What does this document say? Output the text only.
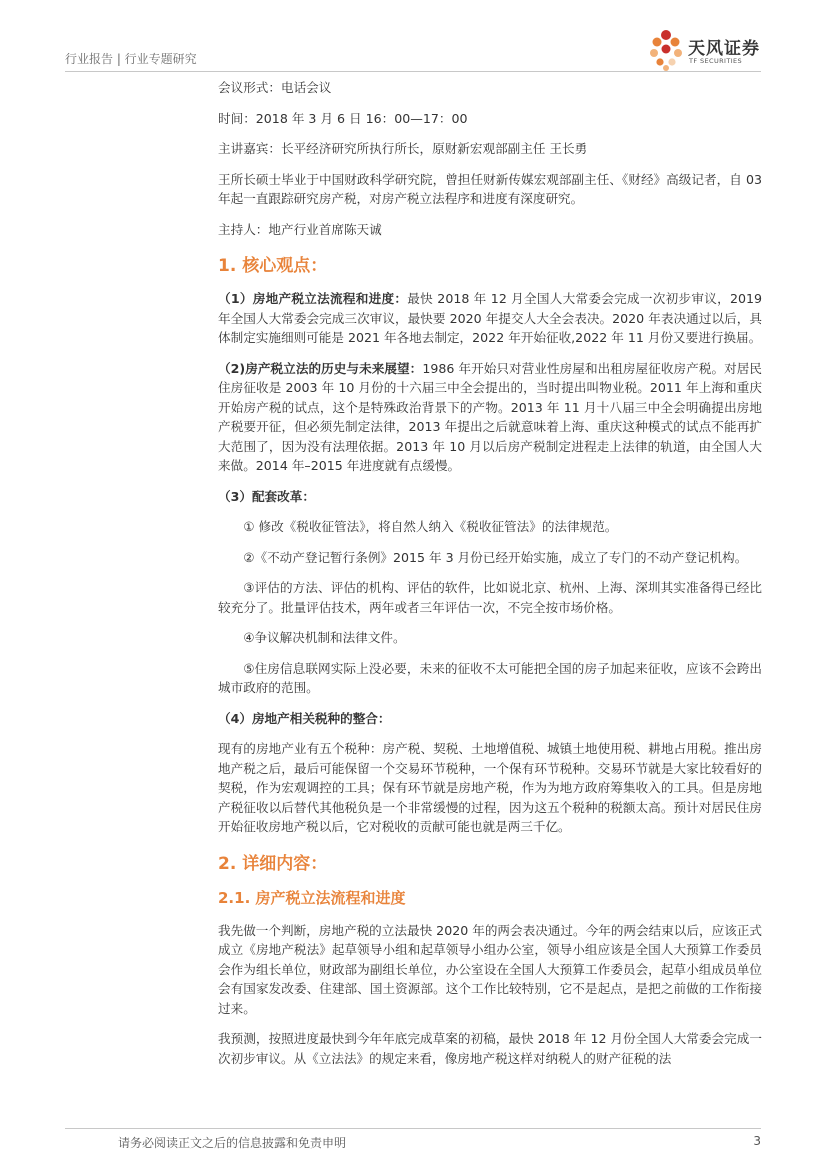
行业报告 | 行业专题研究	天风证券
TF SECURITIES

会议形式：电话会议

时间：2018 年 3 月 6 日 16：00—17：00

主讲嘉宾：长平经济研究所执行所长，原财新宏观部副主任 王长勇

王所长硕士毕业于中国财政科学研究院，曾担任财新传媒宏观部副主任、《财经》高级记者，自 03 年起一直跟踪研究房产税，对房产税立法程序和进度有深度研究。

主持人：地产行业首席陈天诚

1. 核心观点：

（1）房地产税立法流程和进度：最快 2018 年 12 月全国人大常委会完成一次初步审议，2019 年全国人大常委会完成三次审议，最快要 2020 年提交人大全会表决。2020 年表决通过以后，具体制定实施细则可能是 2021 年各地去制定，2022 年开始征收,2022 年 11 月份又要进行换届。

（2)房产税立法的历史与未来展望：1986 年开始只对营业性房屋和出租房屋征收房产税。对居民住房征收是 2003 年 10 月份的十六届三中全会提出的，当时提出叫物业税。2011 年上海和重庆开始房产税的试点，这个是特殊政治背景下的产物。2013 年 11 月十八届三中全会明确提出房地产税要开征，但必须先制定法律，2013 年提出之后就意味着上海、重庆这种模式的试点不能再扩大范围了，因为没有法理依据。2013 年 10 月以后房产税制定进程走上法律的轨道，由全国人大来做。2014 年–2015 年进度就有点缓慢。

（3）配套改革：

① 修改《税收征管法》，将自然人纳入《税收征管法》的法律规范。

②《不动产登记暂行条例》2015 年 3 月份已经开始实施，成立了专门的不动产登记机构。

③评估的方法、评估的机构、评估的软件，比如说北京、杭州、上海、深圳其实准备得已经比较充分了。批量评估技术，两年或者三年评估一次，不完全按市场价格。

④争议解决机制和法律文件。

⑤住房信息联网实际上没必要，未来的征收不太可能把全国的房子加起来征收，应该不会跨出城市政府的范围。

（4）房地产相关税种的整合：

现有的房地产业有五个税种：房产税、契税、土地增值税、城镇土地使用税、耕地占用税。推出房地产税之后，最后可能保留一个交易环节税种，一个保有环节税种。交易环节就是大家比较看好的契税，作为宏观调控的工具；保有环节就是房地产税，作为为地方政府筹集收入的工具。但是房地产税征收以后替代其他税负是一个非常缓慢的过程，因为这五个税种的税额太高。预计对居民住房开始征收房地产税以后，它对税收的贡献可能也就是两三千亿。

2. 详细内容：
2.1. 房产税立法流程和进度

我先做一个判断，房地产税的立法最快 2020 年的两会表决通过。今年的两会结束以后，应该正式成立《房地产税法》起草领导小组和起草领导小组办公室，领导小组应该是全国人大预算工作委员会作为组长单位，财政部为副组长单位，办公室设在全国人大预算工作委员会，起草小组成员单位会有国家发改委、住建部、国土资源部。这个工作比较特别，它不是起点，是把之前做的工作衔接过来。

我预测，按照进度最快到今年年底完成草案的初稿，最快 2018 年 12 月份全国人大常委会完成一次初步审议。从《立法法》的规定来看，像房地产税这样对纳税人的财产征税的法

请务必阅读正文之后的信息披露和免责申明	3
